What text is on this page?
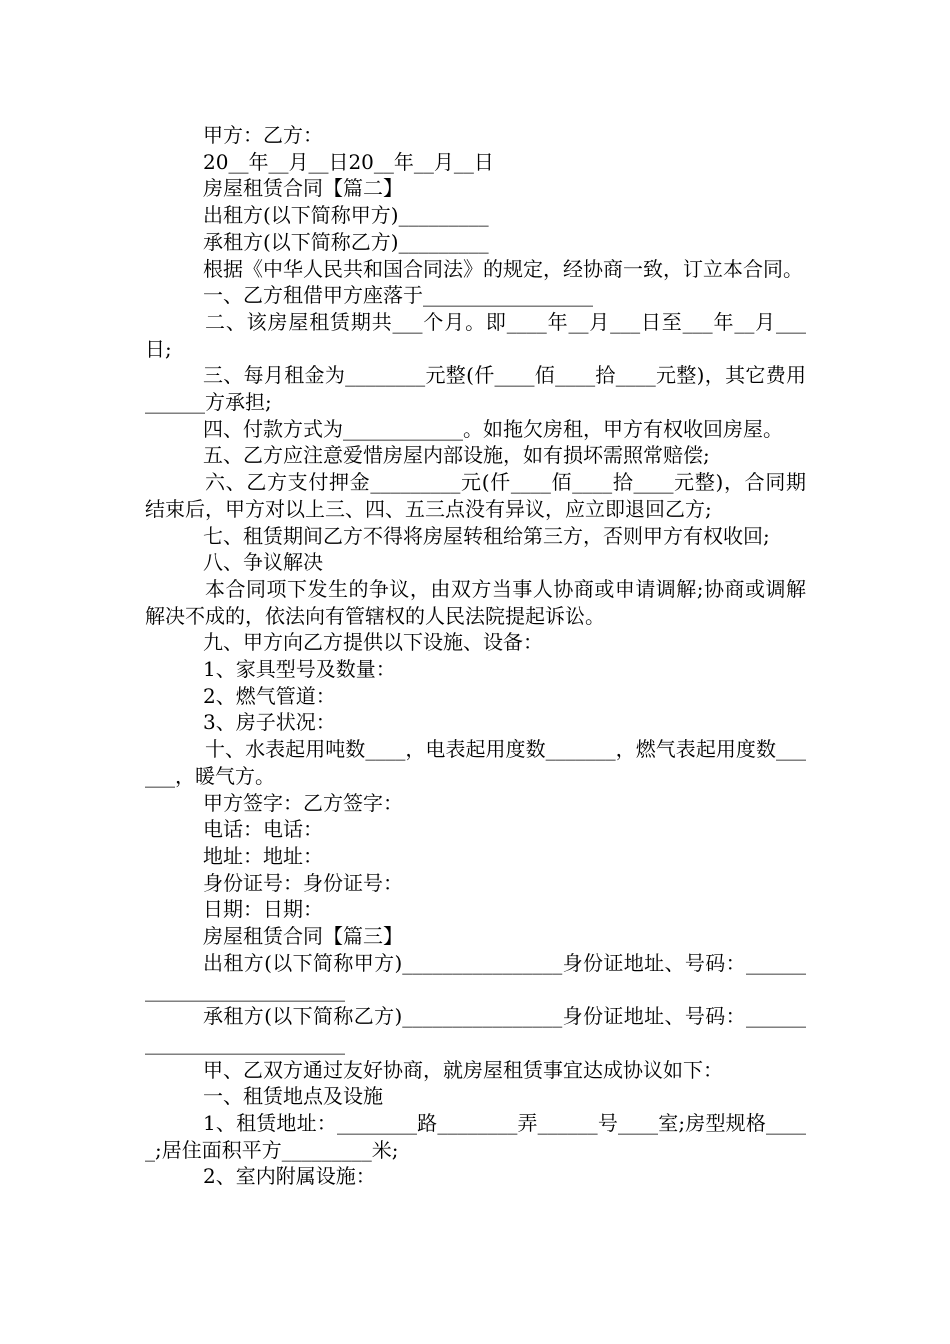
甲方：乙方：

20__年__月__日20__年__月__日

房屋租赁合同【篇二】

出租方(以下简称甲方)_________

承租方(以下简称乙方)_________

根据《中华人民共和国合同法》的规定，经协商一致，订立本合同。

一、乙方租借甲方座落于_________________

二、该房屋租赁期共___个月。即____年__月___日至___年__月___日;

三、每月租金为________元整(仟____佰____拾____元整)，其它费用______方承担;

四、付款方式为____________。如拖欠房租，甲方有权收回房屋。

五、乙方应注意爱惜房屋内部设施，如有损坏需照常赔偿;

六、乙方支付押金_________元(仟____佰____拾____元整)，合同期结束后，甲方对以上三、四、五三点没有异议，应立即退回乙方;

七、租赁期间乙方不得将房屋转租给第三方，否则甲方有权收回;

八、争议解决

本合同项下发生的争议，由双方当事人协商或申请调解;协商或调解解决不成的，依法向有管辖权的人民法院提起诉讼。

九、甲方向乙方提供以下设施、设备：

1、家具型号及数量：

2、燃气管道：

3、房子状况：

十、水表起用吨数____，电表起用度数_______，燃气表起用度数______，暖气方。

甲方签字：乙方签字：

电话：电话：

地址：地址：

身份证号：身份证号：

日期：日期：

房屋租赁合同【篇三】

出租方(以下简称甲方)________________身份证地址、号码：__________________________

承租方(以下简称乙方)________________身份证地址、号码：__________________________

甲、乙双方通过友好协商，就房屋租赁事宜达成协议如下：

一、租赁地点及设施

1、租赁地址：________路________弄______号____室;房型规格_____;居住面积平方_________米;

2、室内附属设施：
